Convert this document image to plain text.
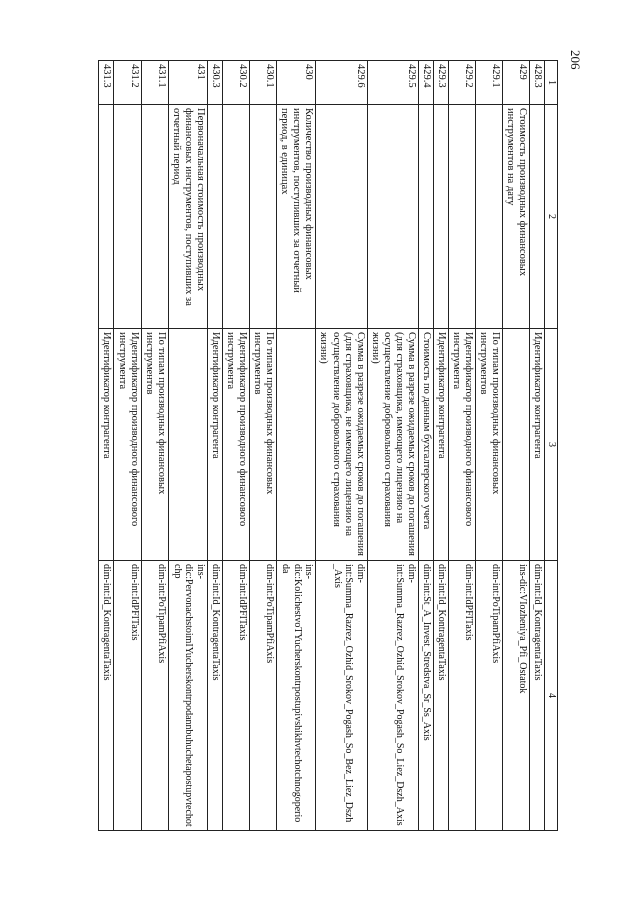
206
1	2	3	4
428.3		Идентификатор контрагента	dim-int:Id_KontragentaTaxis
429	Стоимость производных финансовых инструментов на дату		ins-dic:VIozheniya_Pfi_Ostatok
429.1		По типам производных финансовых инструментов	dim-int:PoTipamPfiAxis
429.2		Идентификатор производного финансового инструмента	dim-int:IdPFITaxis
429.3		Идентификатор контрагента	dim-int:Id_KontragentaTaxis
429.4		Стоимость по данным бухгалтерского учета	dim-int:St_A_Invest_Stredstva_Sr_Ss_Axis
429.5		Сумма в разрезе ожидаемых сроков до погашения (для страховщика, имеющего лицензию на осуществление добровольного страхования жизни)	dim-int:Summa_Razrez_Ozhid_Srokov_Pogash_So_Liez_Dszh_Axis
429.6		Сумма в разрезе ожидаемых сроков до погашения (для страховщика, не имеющего лицензию на осуществление добровольного страхования жизни)	dim-int:Summa_Razrez_Ozhid_Srokov_Pogash_So_Bez_Liez_Dszh_Axis
430	Количество производных финансовых инструментов, поступивших за отчетный период, в единицах		ins-dic:KolichestvoTYucherskontrpostupivshikhvtechotchnogoperioda
430.1		По типам производных финансовых инструментов	dim-int:PoTipamPfiAxis
430.2		Идентификатор производного финансового инструмента	dim-int:IdPFITaxis
430.3		Идентификатор контрагента	dim-int:Id_KontragentaTaxis
431	Первоначальная стоимость производных финансовых инструментов, поступивших за отчетный период		ins-dic:PervonachstoimIYucherskontrpodannbuhuchetapostupvtechotchp
431.1		По типам производных финансовых инструментов	dim-int:PoTipamPfiAxis
431.2		Идентификатор производного финансового инструмента	dim-int:IdPFITaxis
431.3		Идентификатор контрагента	dim-int:Id_KontragentaTaxis
